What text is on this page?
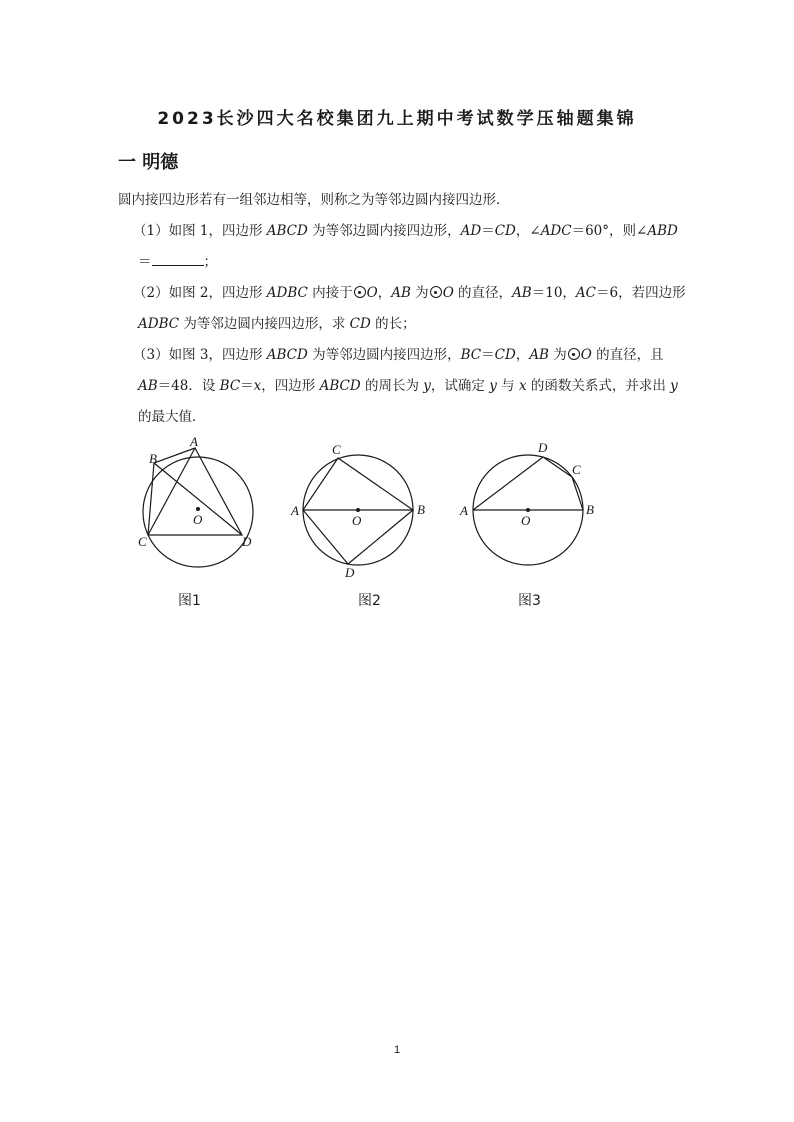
2023长沙四大名校集团九上期中考试数学压轴题集锦
一 明德
圆内接四边形若有一组邻边相等，则称之为等邻边圆内接四边形．
（1）如图 1，四边形 ABCD 为等邻边圆内接四边形，AD＝CD，∠ADC＝60°，则∠ABD
＝	；
（2）如图 2，四边形 ADBC 内接于 O，AB 为 O 的直径，AB＝10，AC＝6，若四边形
ADBC 为等邻边圆内接四边形，求 CD 的长；
（3）如图 3，四边形 ABCD 为等邻边圆内接四边形，BC＝CD，AB 为 O 的直径，且
AB＝48．设 BC＝x，四边形 ABCD 的周长为 y，试确定 y 与 x 的函数关系式，并求出 y
的最大值．
A
B
C	D
O
图1
A	B
C
D
O
图2
A	B
C
D
O
图3
1
